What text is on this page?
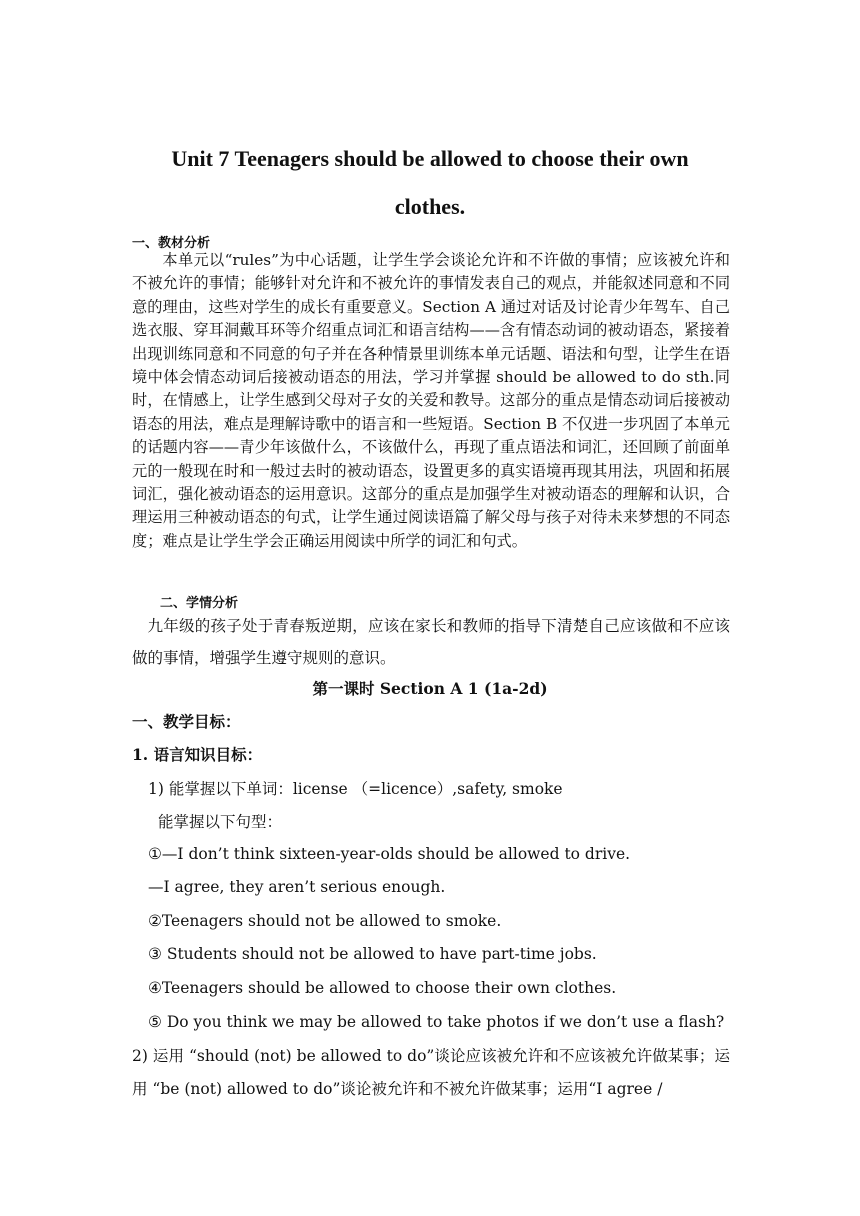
Unit 7 Teenagers should be allowed to choose their own
clothes.
一、教材分析
本单元以“rules”为中心话题，让学生学会谈论允许和不许做的事情；应该被允许和不被允许的事情；能够针对允许和不被允许的事情发表自己的观点，并能叙述同意和不同意的理由，这些对学生的成长有重要意义。Section A 通过对话及讨论青少年驾车、自己选衣服、穿耳洞戴耳环等介绍重点词汇和语言结构——含有情态动词的被动语态，紧接着出现训练同意和不同意的句子并在各种情景里训练本单元话题、语法和句型，让学生在语境中体会情态动词后接被动语态的用法，学习并掌握 should be allowed to do sth.同时，在情感上，让学生感到父母对子女的关爱和教导。这部分的重点是情态动词后接被动语态的用法，难点是理解诗歌中的语言和一些短语。Section B 不仅进一步巩固了本单元的话题内容——青少年该做什么，不该做什么，再现了重点语法和词汇，还回顾了前面单元的一般现在时和一般过去时的被动语态，设置更多的真实语境再现其用法，巩固和拓展词汇，强化被动语态的运用意识。这部分的重点是加强学生对被动语态的理解和认识，合理运用三种被动语态的句式，让学生通过阅读语篇了解父母与孩子对待未来梦想的不同态度；难点是让学生学会正确运用阅读中所学的词汇和句式。
二、学情分析
九年级的孩子处于青春叛逆期，应该在家长和教师的指导下清楚自己应该做和不应该做的事情，增强学生遵守规则的意识。
第一课时 Section A 1 (1a-2d)
一、教学目标：
1. 语言知识目标：
1) 能掌握以下单词：license （=licence）,safety, smoke
能掌握以下句型：
①—I don’t think sixteen-year-olds should be allowed to drive.
—I agree, they aren’t serious enough.
②Teenagers should not be allowed to smoke.
③ Students should not be allowed to have part-time jobs.
④Teenagers should be allowed to choose their own clothes.
⑤ Do you think we may be allowed to take photos if we don’t use a flash?
2) 运用 “should (not) be allowed to do”谈论应该被允许和不应该被允许做某事；运用 “be (not) allowed to do”谈论被允许和不被允许做某事；运用“I agree /
